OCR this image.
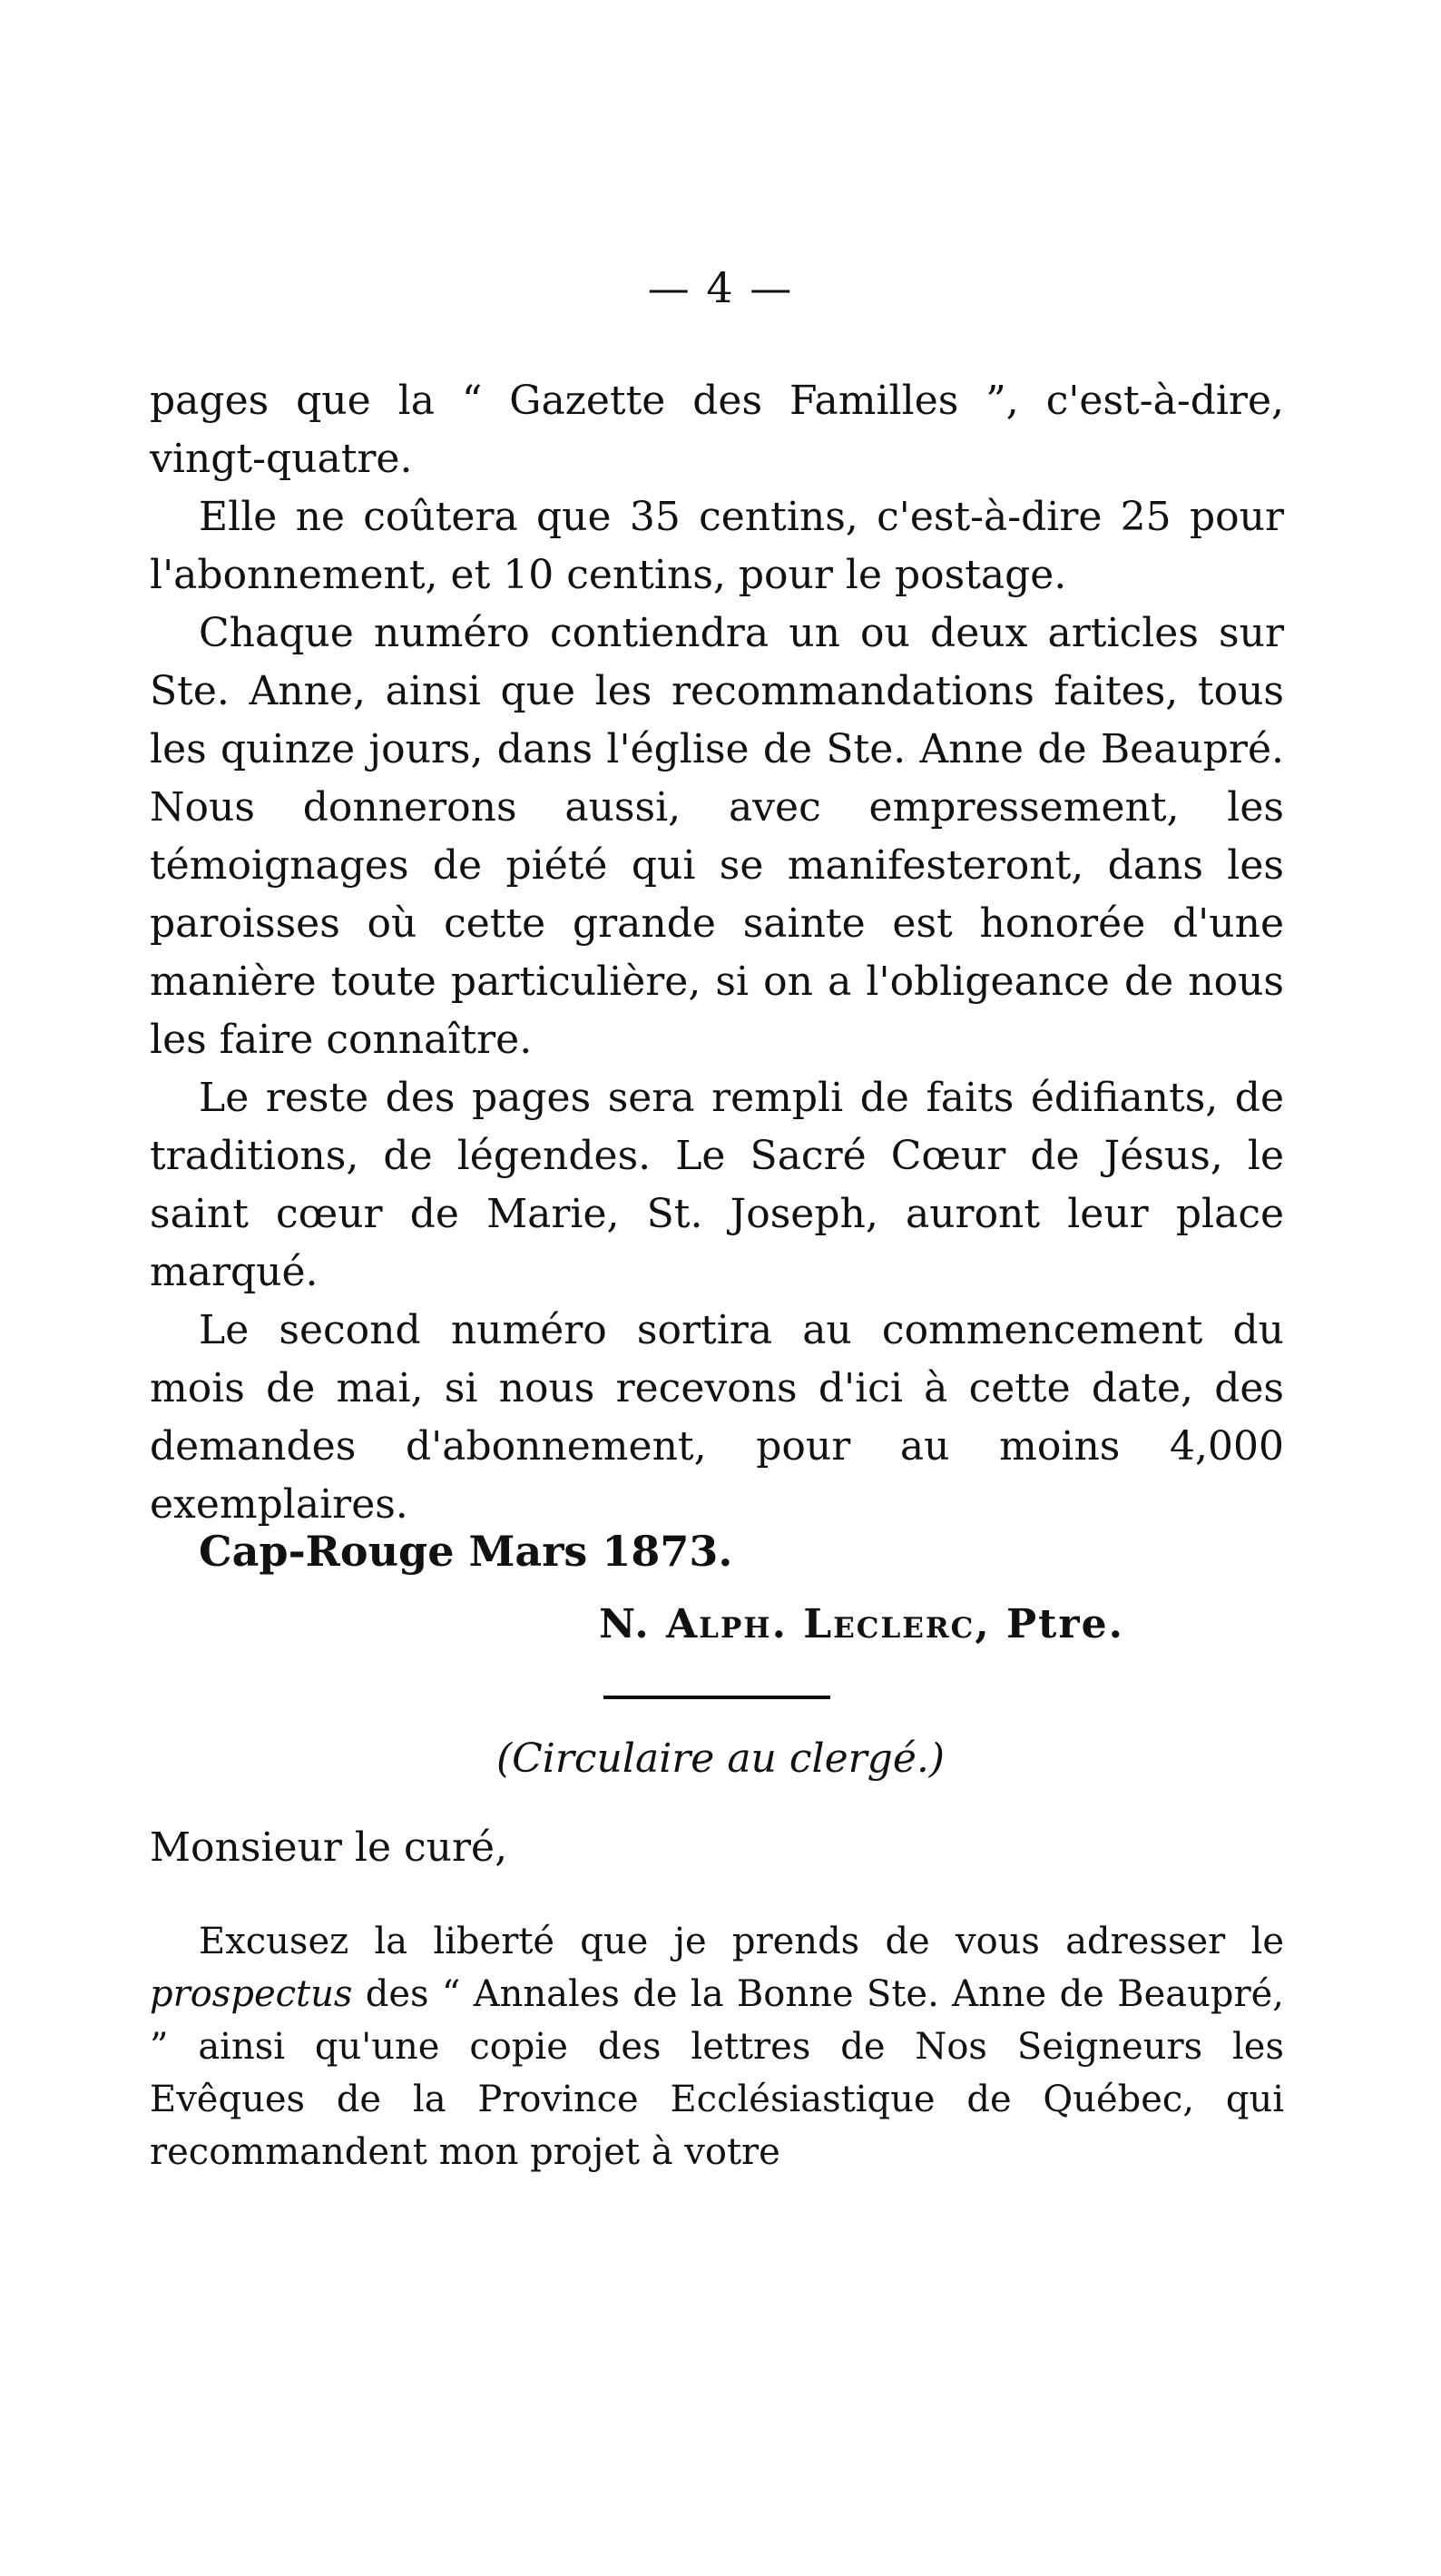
— 4 —

pages que la “ Gazette des Familles ”, c'est-à-dire, vingt-quatre.

Elle ne coûtera que 35 centins, c'est-à-dire 25 pour l'abonnement, et 10 centins, pour le postage.

Chaque numéro contiendra un ou deux articles sur Ste. Anne, ainsi que les recommandations faites, tous les quinze jours, dans l'église de Ste. Anne de Beaupré. Nous donnerons aussi, avec empressement, les témoignages de piété qui se manifesteront, dans les paroisses où cette grande sainte est honorée d'une manière toute particulière, si on a l'obligeance de nous les faire connaître.

Le reste des pages sera rempli de faits édifiants, de traditions, de légendes. Le Sacré Cœur de Jésus, le saint cœur de Marie, St. Joseph, auront leur place marqué.

Le second numéro sortira au commencement du mois de mai, si nous recevons d'ici à cette date, des demandes d'abonnement, pour au moins 4,000 exemplaires.

Cap-Rouge Mars 1873.
N. Alph. Leclerc, Ptre.
(Circulaire au clergé.)
Monsieur le curé,

Excusez la liberté que je prends de vous adresser le prospectus des “ Annales de la Bonne Ste. Anne de Beaupré, ” ainsi qu'une copie des lettres de Nos Seigneurs les Evêques de la Province Ecclésiastique de Québec, qui recommandent mon projet à votre
